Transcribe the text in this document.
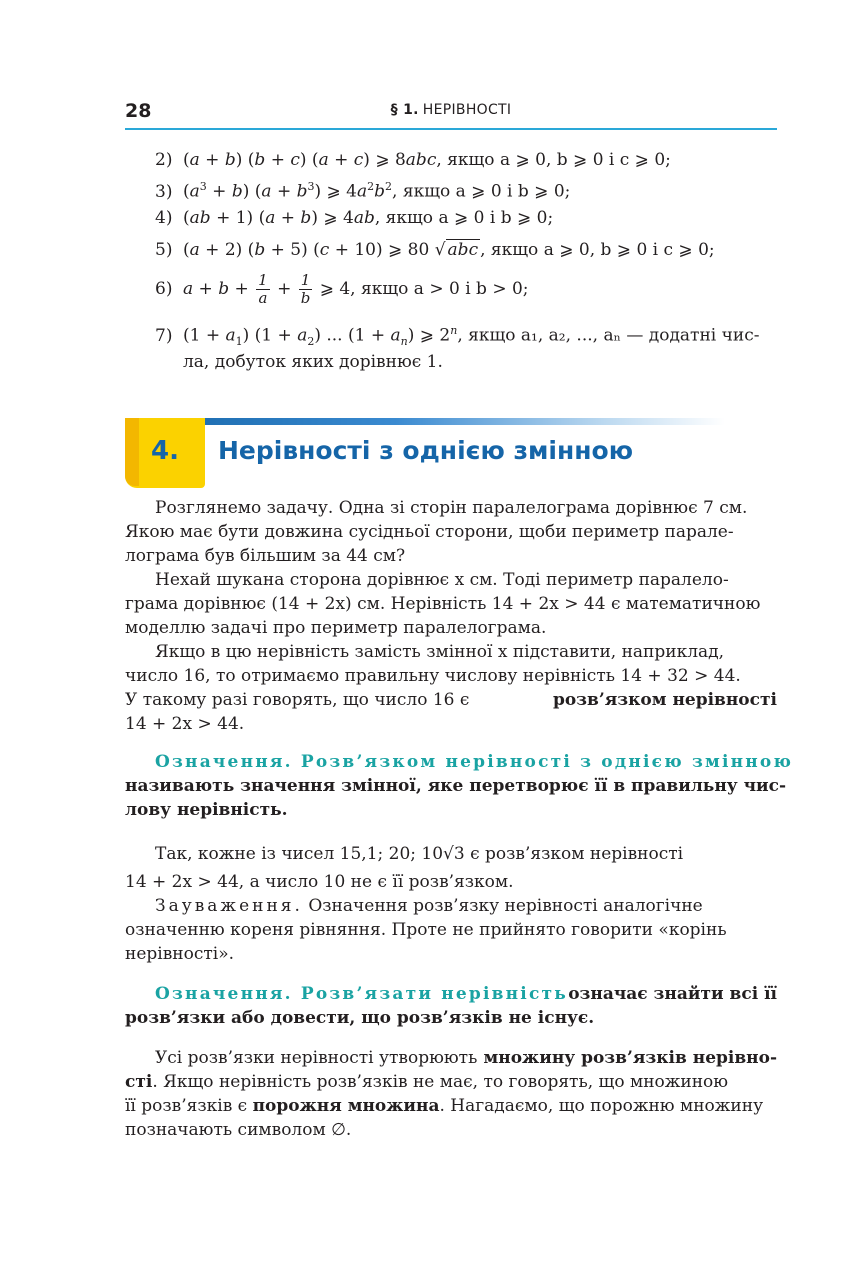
28	§ 1. НЕРІВНОСТІ
2) (a + b) (b + c) (a + c) ⩾ 8abc, якщо a ⩾ 0, b ⩾ 0 і c ⩾ 0;
3) $(a^3 + b) (a + b^3)$ ⩾ $4a^2b^2$, якщо a ⩾ 0 і b ⩾ 0;
4) (ab + 1) (a + b) ⩾ 4ab, якщо a ⩾ 0 і b ⩾ 0;
5) (a + 2) (b + 5) (c + 10) ⩾ 80 √ abc , якщо a ⩾ 0, b ⩾ 0 і c ⩾ 0;
6) $a + b + \frac{1}{a} + \frac{1}{b}$ ⩾ 4, якщо a > 0 і b > 0;
7) $(1 + a_1)$ $(1 + a_2)$ ... $(1 + a_n)$ ⩾ 2$^n$, якщо a₁, a₂, ..., aₙ — додатні чис-
ла, добуток яких дорівнює 1.
4.	Нерівності з однією змінною
Розглянемо задачу. Одна зі сторін паралелограма дорівнює 7 см.
Якою має бути довжина сусідньої сторони, щоби периметр парале-
лограма був більшим за 44 см?
Нехай шукана сторона дорівнює x см. Тоді периметр паралело-
грама дорівнює (14 + 2x) см. Нерівність 14 + 2x > 44 є математичною
моделлю задачі про периметр паралелограма.
Якщо в цю нерівність замість змінної x підставити, наприклад,
число 16, то отримаємо правильну числову нерівність 14 + 32 > 44.
У такому разі говорять, що число 16 є	розв’язком нерівності
14 + 2x > 44.
Означення. Розв’язком нерівності з однією змінною
називають значення змінної, яке перетворює її в правильну чис-
лову нерівність.
Так, кожне із чисел 15,1; 20; 10√3 є розв’язком нерівності
14 + 2x > 44, а число 10 не є її розв’язком.
Зауваження. Означення розв’язку нерівності аналогічне
означенню кореня рівняння. Проте не прийнято говорити «корінь
нерівності».
Означення. Розв’язати нерівність означає знайти всі її
розв’язки або довести, що розв’язків не існує.
Усі розв’язки нерівності утворюють множину розв’язків нерівно-
сті. Якщо нерівність розв’язків не має, то говорять, що множиною
її розв’язків є порожня множина. Нагадаємо, що порожню множину
позначають символом ∅.
